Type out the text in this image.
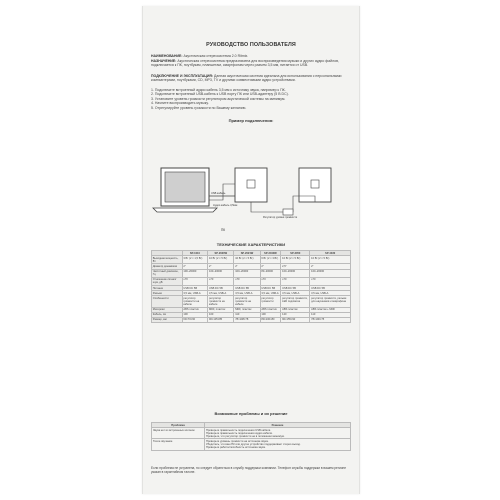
РУКОВОДСТВО ПОЛЬЗОВАТЕЛЯ
НАИМЕНОВАНИЕ: Акустическая стереосистема 2.0 Ritmix.
НАЗНАЧЕНИЕ: Акустическая стереосистема предназначена для воспроизведения музыки и других аудио файлов, подключается к ПК, ноутбукам, планшетам, смартфонам через разъем 3,5 мм, питается от USB.
ПОДКЛЮЧЕНИЕ И ЭКСПЛУАТАЦИЯ: Данная акустическая система идеальна для использования с персональными компьютерами, ноутбуками, CD, MP3, TV и другими совместимыми аудио устройствами.
1. Подключите встроенный аудио кабель 3,5 мм к источнику звука, например к ПК.
2. Подключите встроенный USB-кабель к USB порту ПК или USB-адаптеру (5 В DC).
3. Установите уровень громкости регулятором акустической системы на минимум.
4. Начните воспроизводить музыку.
5. Отрегулируйте уровень громкости по Вашему желанию.
Пример подключения:
ПК
USB кабель
Аудио кабель 3,5мм
Регулятор уровня громкости
ТЕХНИЧЕСКИЕ ХАРАКТЕРИСТИКИ
	SP-1010	SP-2020W	SP-2021W	SP-2040W	SP-2050	SP-4030
Выходная мощность, Вт	3 Вт (2 × 1,5 Вт)	10 Вт (2 × 5 Вт)	10 Вт (2 × 5 Вт)	6 Вт (2 × 3 Вт)	10 Вт (2 × 5 Вт)	10 Вт (2 × 5 Вт)
Диаметр динамиков	2"	2"	2"	2"	2,5"	2"
Частотный диапазон, Гц	100–20000	100–20000	100–20000	80–20000	100–20000	100–20000
Отношение сигнал/шум, дБ	≥70	≥70	≥70	≥70	≥70	≥70
Питание	USB DC 5В	USB DC 5В	USB DC 5В	USB DC 5В	USB DC 5В	USB DC 5В
Разъем	3,5 мм, USB-A	3,5 мм, USB-A	3,5 мм, USB-A	3,5 мм, USB-A	3,5 мм, USB-A	3,5 мм, USB-A
Особенности	регулятор громкости на кабеле	регулятор громкости на кабеле	регулятор громкости на кабеле	регулятор громкости	регулятор громкости, LED подсветка	регулятор громкости, разъем для наушников и микрофона
Материал	ABS пластик	MDF, пластик	MDF, пластик	ABS пластик	ABS пластик	ABS пластик + MDF
Кабель, см	100	100	110	100	120	110
Размер, мм	60×70×60	90×135×85	78×108×78	80×100×80	90×155×90	78×190×75
Возможные проблемы и их решение
Проблема	Решение
Звука нет из встроенных колонок	Проверьте правильность подключения USB кабеля.
Проверьте правильность подключения аудио кабеля.
Проверьте, что регулятор громкости не в положении минимум.

Тихое звучание	Проверьте уровень громкости на источнике звука.
Убедитесь, что ваш ПК или другое устройство поддерживает стерео выход.
Проверьте работоспособность источника звука.
Если проблема не устранена, по следует обратиться в службу поддержки компании. Телефон службы поддержки в вашем регионе указан в гарантийном талоне.
